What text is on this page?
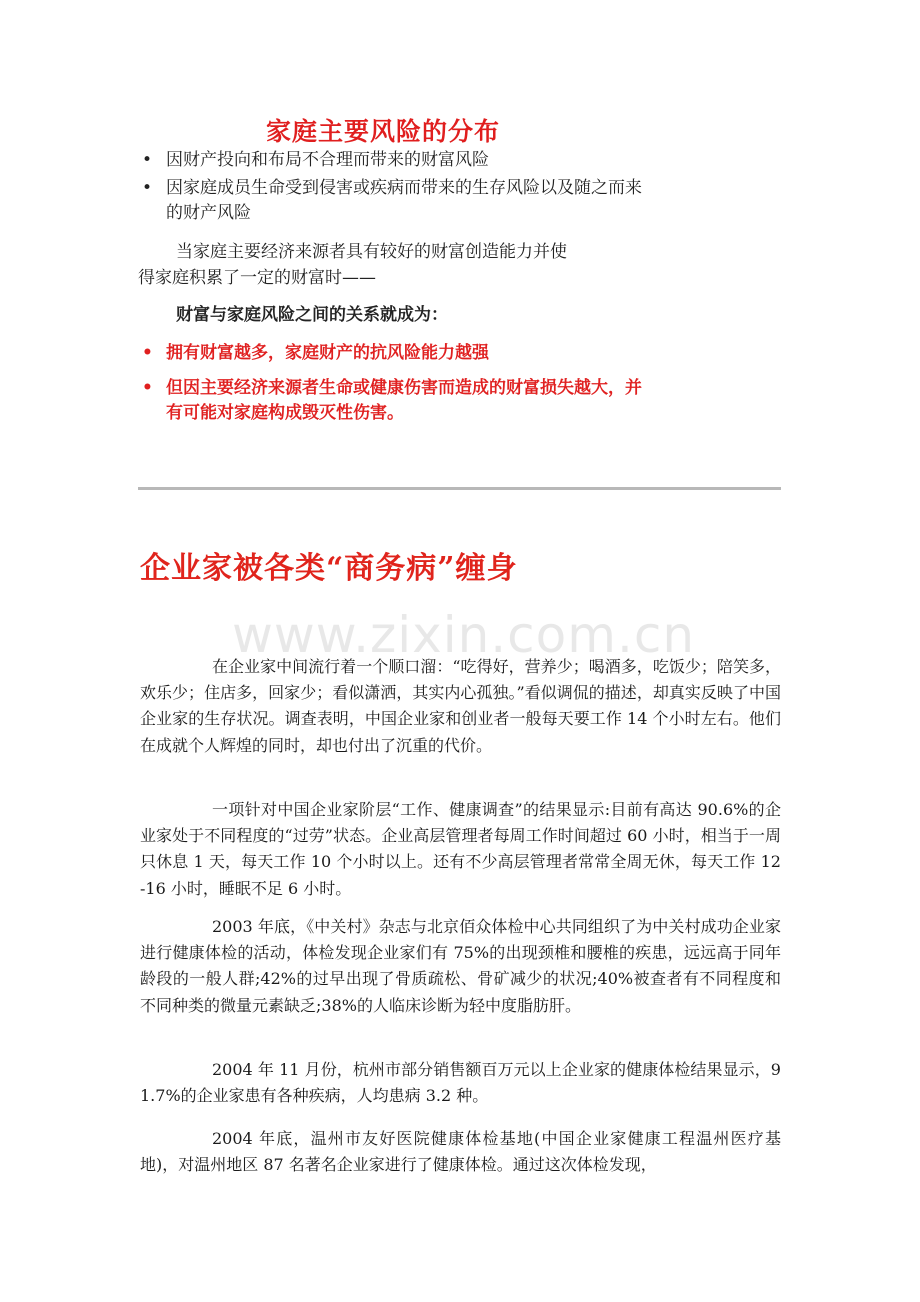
家庭主要风险的分布
• 因财产投向和布局不合理而带来的财富风险
• 因家庭成员生命受到侵害或疾病而带来的生存风险以及随之而来的财产风险
当家庭主要经济来源者具有较好的财富创造能力并使
得家庭积累了一定的财富时——
财富与家庭风险之间的关系就成为：
• 拥有财富越多，家庭财产的抗风险能力越强
• 但因主要经济来源者生命或健康伤害而造成的财富损失越大，并有可能对家庭构成毁灭性伤害。
企业家被各类“商务病”缠身
www.zixin.com.cn

在企业家中间流行着一个顺口溜：“吃得好，营养少；喝酒多，吃饭少；陪笑多，欢乐少；住店多，回家少；看似潇洒，其实内心孤独。”看似调侃的描述，却真实反映了中国企业家的生存状况。调查表明，中国企业家和创业者一般每天要工作 14 个小时左右。他们在成就个人辉煌的同时，却也付出了沉重的代价。

一项针对中国企业家阶层“工作、健康调查”的结果显示:目前有高达 90.6%的企业家处于不同程度的“过劳”状态。企业高层管理者每周工作时间超过 60 小时，相当于一周只休息 1 天，每天工作 10 个小时以上。还有不少高层管理者常常全周无休，每天工作 12-16 小时，睡眠不足 6 小时。

2003 年底，《中关村》杂志与北京佰众体检中心共同组织了为中关村成功企业家进行健康体检的活动，体检发现企业家们有 75%的出现颈椎和腰椎的疾患，远远高于同年龄段的一般人群;42%的过早出现了骨质疏松、骨矿减少的状况;40%被查者有不同程度和不同种类的微量元素缺乏;38%的人临床诊断为轻中度脂肪肝。

2004 年 11 月份，杭州市部分销售额百万元以上企业家的健康体检结果显示，91.7%的企业家患有各种疾病，人均患病 3.2 种。

2004 年底，温州市友好医院健康体检基地(中国企业家健康工程温州医疗基地)，对温州地区 87 名著名企业家进行了健康体检。通过这次体检发现，
